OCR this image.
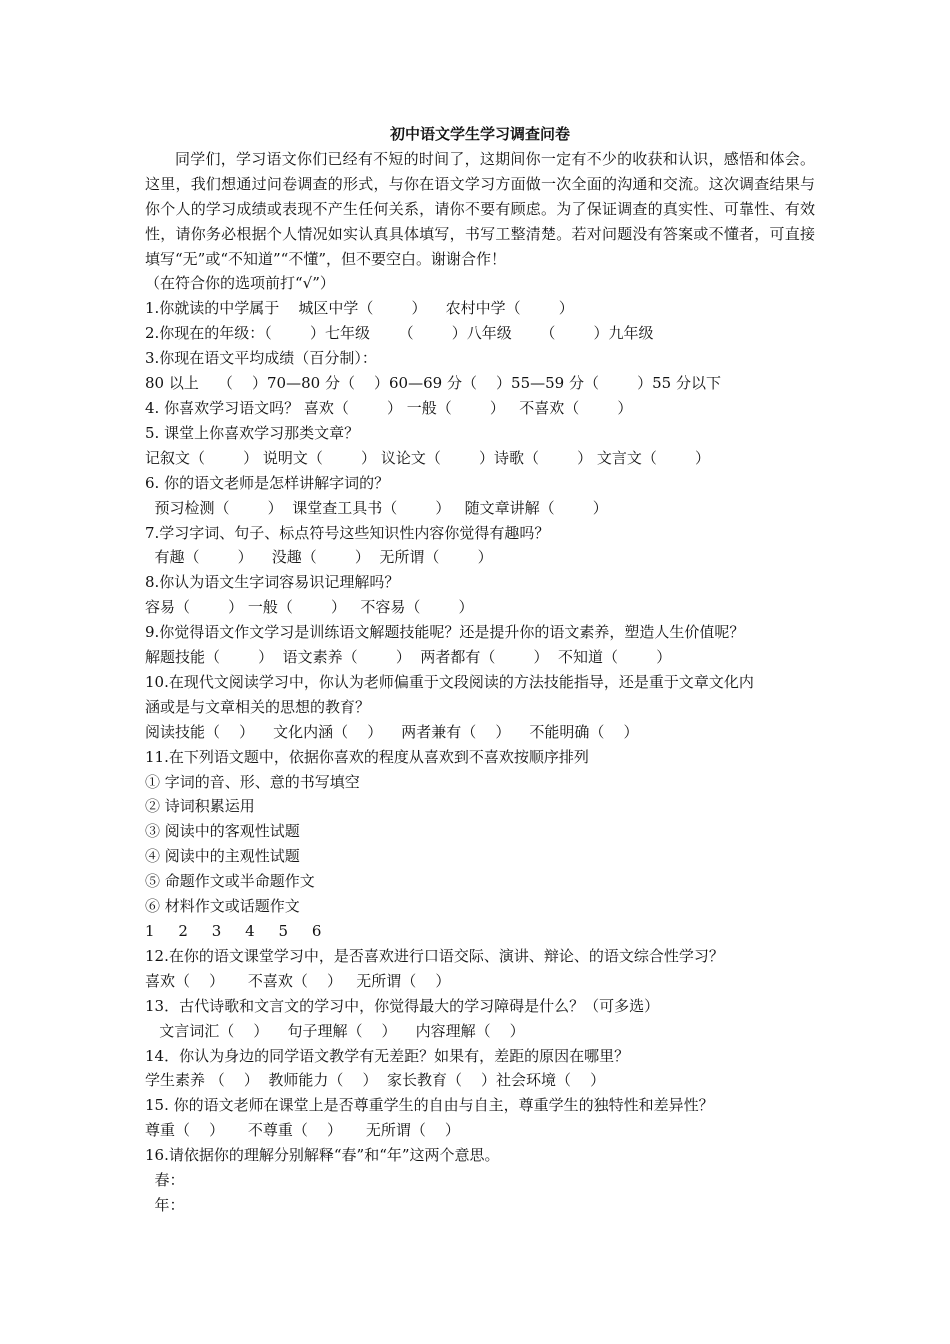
初中语文学生学习调查问卷

同学们，学习语文你们已经有不短的时间了，这期间你一定有不少的收获和认识，感悟和体会。这里，我们想通过问卷调查的形式，与你在语文学习方面做一次全面的沟通和交流。这次调查结果与你个人的学习成绩或表现不产生任何关系，请你不要有顾虑。为了保证调查的真实性、可靠性、有效性，请你务必根据个人情况如实认真具体填写，书写工整清楚。若对问题没有答案或不懂者，可直接填写“无”或“不知道”“不懂”，但不要空白。谢谢合作！

（在符合你的选项前打“√”）

1.你就读的中学属于    城区中学（        ）    农村中学（        ）

2.你现在的年级：（        ）七年级      （        ）八年级      （        ）九年级

3.你现在语文平均成绩（百分制）：

80 以上    （    ）70—80 分（    ）60—69 分（    ）55—59 分（        ）55 分以下

4. 你喜欢学习语文吗？ 喜欢（        ） 一般（        ）   不喜欢（        ）

5. 课堂上你喜欢学习那类文章？

记叙文（        ） 说明文（        ） 议论文（        ）诗歌（        ） 文言文（        ）

6. 你的语文老师是怎样讲解字词的？

预习检测（        ）  课堂查工具书（        ）   随文章讲解（        ）

7.学习字词、句子、标点符号这些知识性内容你觉得有趣吗？

有趣（        ）    没趣（        ）  无所谓（        ）

8.你认为语文生字词容易识记理解吗？

容易（        ） 一般（        ）   不容易（        ）

9.你觉得语文作文学习是训练语文解题技能呢？还是提升你的语文素养，塑造人生价值呢？

解题技能（        ）  语文素养（        ）  两者都有（        ）  不知道（        ）

10.在现代文阅读学习中，你认为老师偏重于文段阅读的方法技能指导，还是重于文章文化内

涵或是与文章相关的思想的教育？

阅读技能（    ）    文化内涵（    ）    两者兼有（    ）    不能明确（    ）

11.在下列语文题中，依据你喜欢的程度从喜欢到不喜欢按顺序排列

① 字词的音、形、意的书写填空

② 诗词积累运用

③ 阅读中的客观性试题

④ 阅读中的主观性试题

⑤ 命题作文或半命题作文

⑥ 材料作文或话题作文

1     2     3     4     5     6

12.在你的语文课堂学习中，是否喜欢进行口语交际、演讲、辩论、的语文综合性学习？

喜欢（    ）     不喜欢（    ）   无所谓（    ）

13．古代诗歌和文言文的学习中，你觉得最大的学习障碍是什么？（可多选）

文言词汇（    ）    句子理解（    ）    内容理解（    ）

14．你认为身边的同学语文教学有无差距？如果有，差距的原因在哪里？

学生素养 （    ）  教师能力（    ）  家长教育（    ）社会环境（    ）

15. 你的语文老师在课堂上是否尊重学生的自由与自主，尊重学生的独特性和差异性？

尊重（    ）     不尊重（    ）     无所谓（    ）

16.请依据你的理解分别解释“春”和“年”这两个意思。

春：

年：
